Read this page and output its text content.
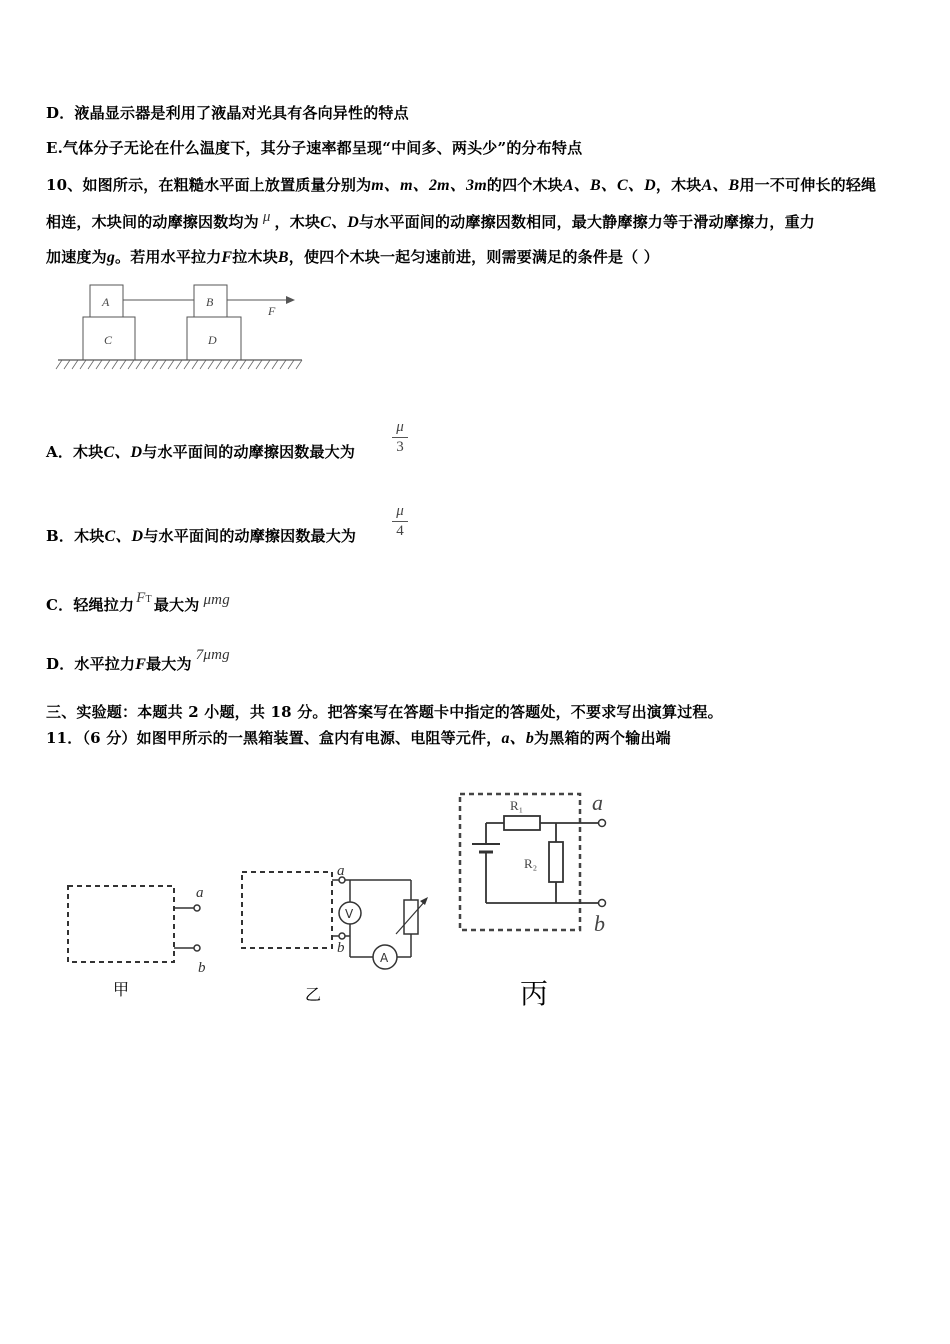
D．液晶显示器是利用了液晶对光具有各向异性的特点
E.气体分子无论在什么温度下，其分子速率都呈现“中间多、两头少”的分布特点
10、如图所示，在粗糙水平面上放置质量分别为m、m、2m、3m的四个木块A、B、C、D，木块A、B用一不可伸长的轻绳
相连，木块间的动摩擦因数均为 μ ，木块C、D与水平面间的动摩擦因数相同，最大静摩擦力等于滑动摩擦力，重力
加速度为g。若用水平拉力F拉木块B，使四个木块一起匀速前进，则需要满足的条件是（ ）
A	B
C	D
F
A．木块C、D与水平面间的动摩擦因数最大为
μ
3
B．木块C、D与水平面间的动摩擦因数最大为
μ
4
C．轻绳拉力 FT 最大为 μmg
D．水平拉力F最大为 7μmg
三、实验题：本题共 2 小题，共 18 分。把答案写在答题卡中指定的答题处，不要求写出演算过程。
11．（6 分）如图甲所示的一黑箱装置、盒内有电源、电阻等元件，a、b为黑箱的两个输出端
a
b
甲
V
A
a
b
乙
R₁
R₂
a
b
丙
